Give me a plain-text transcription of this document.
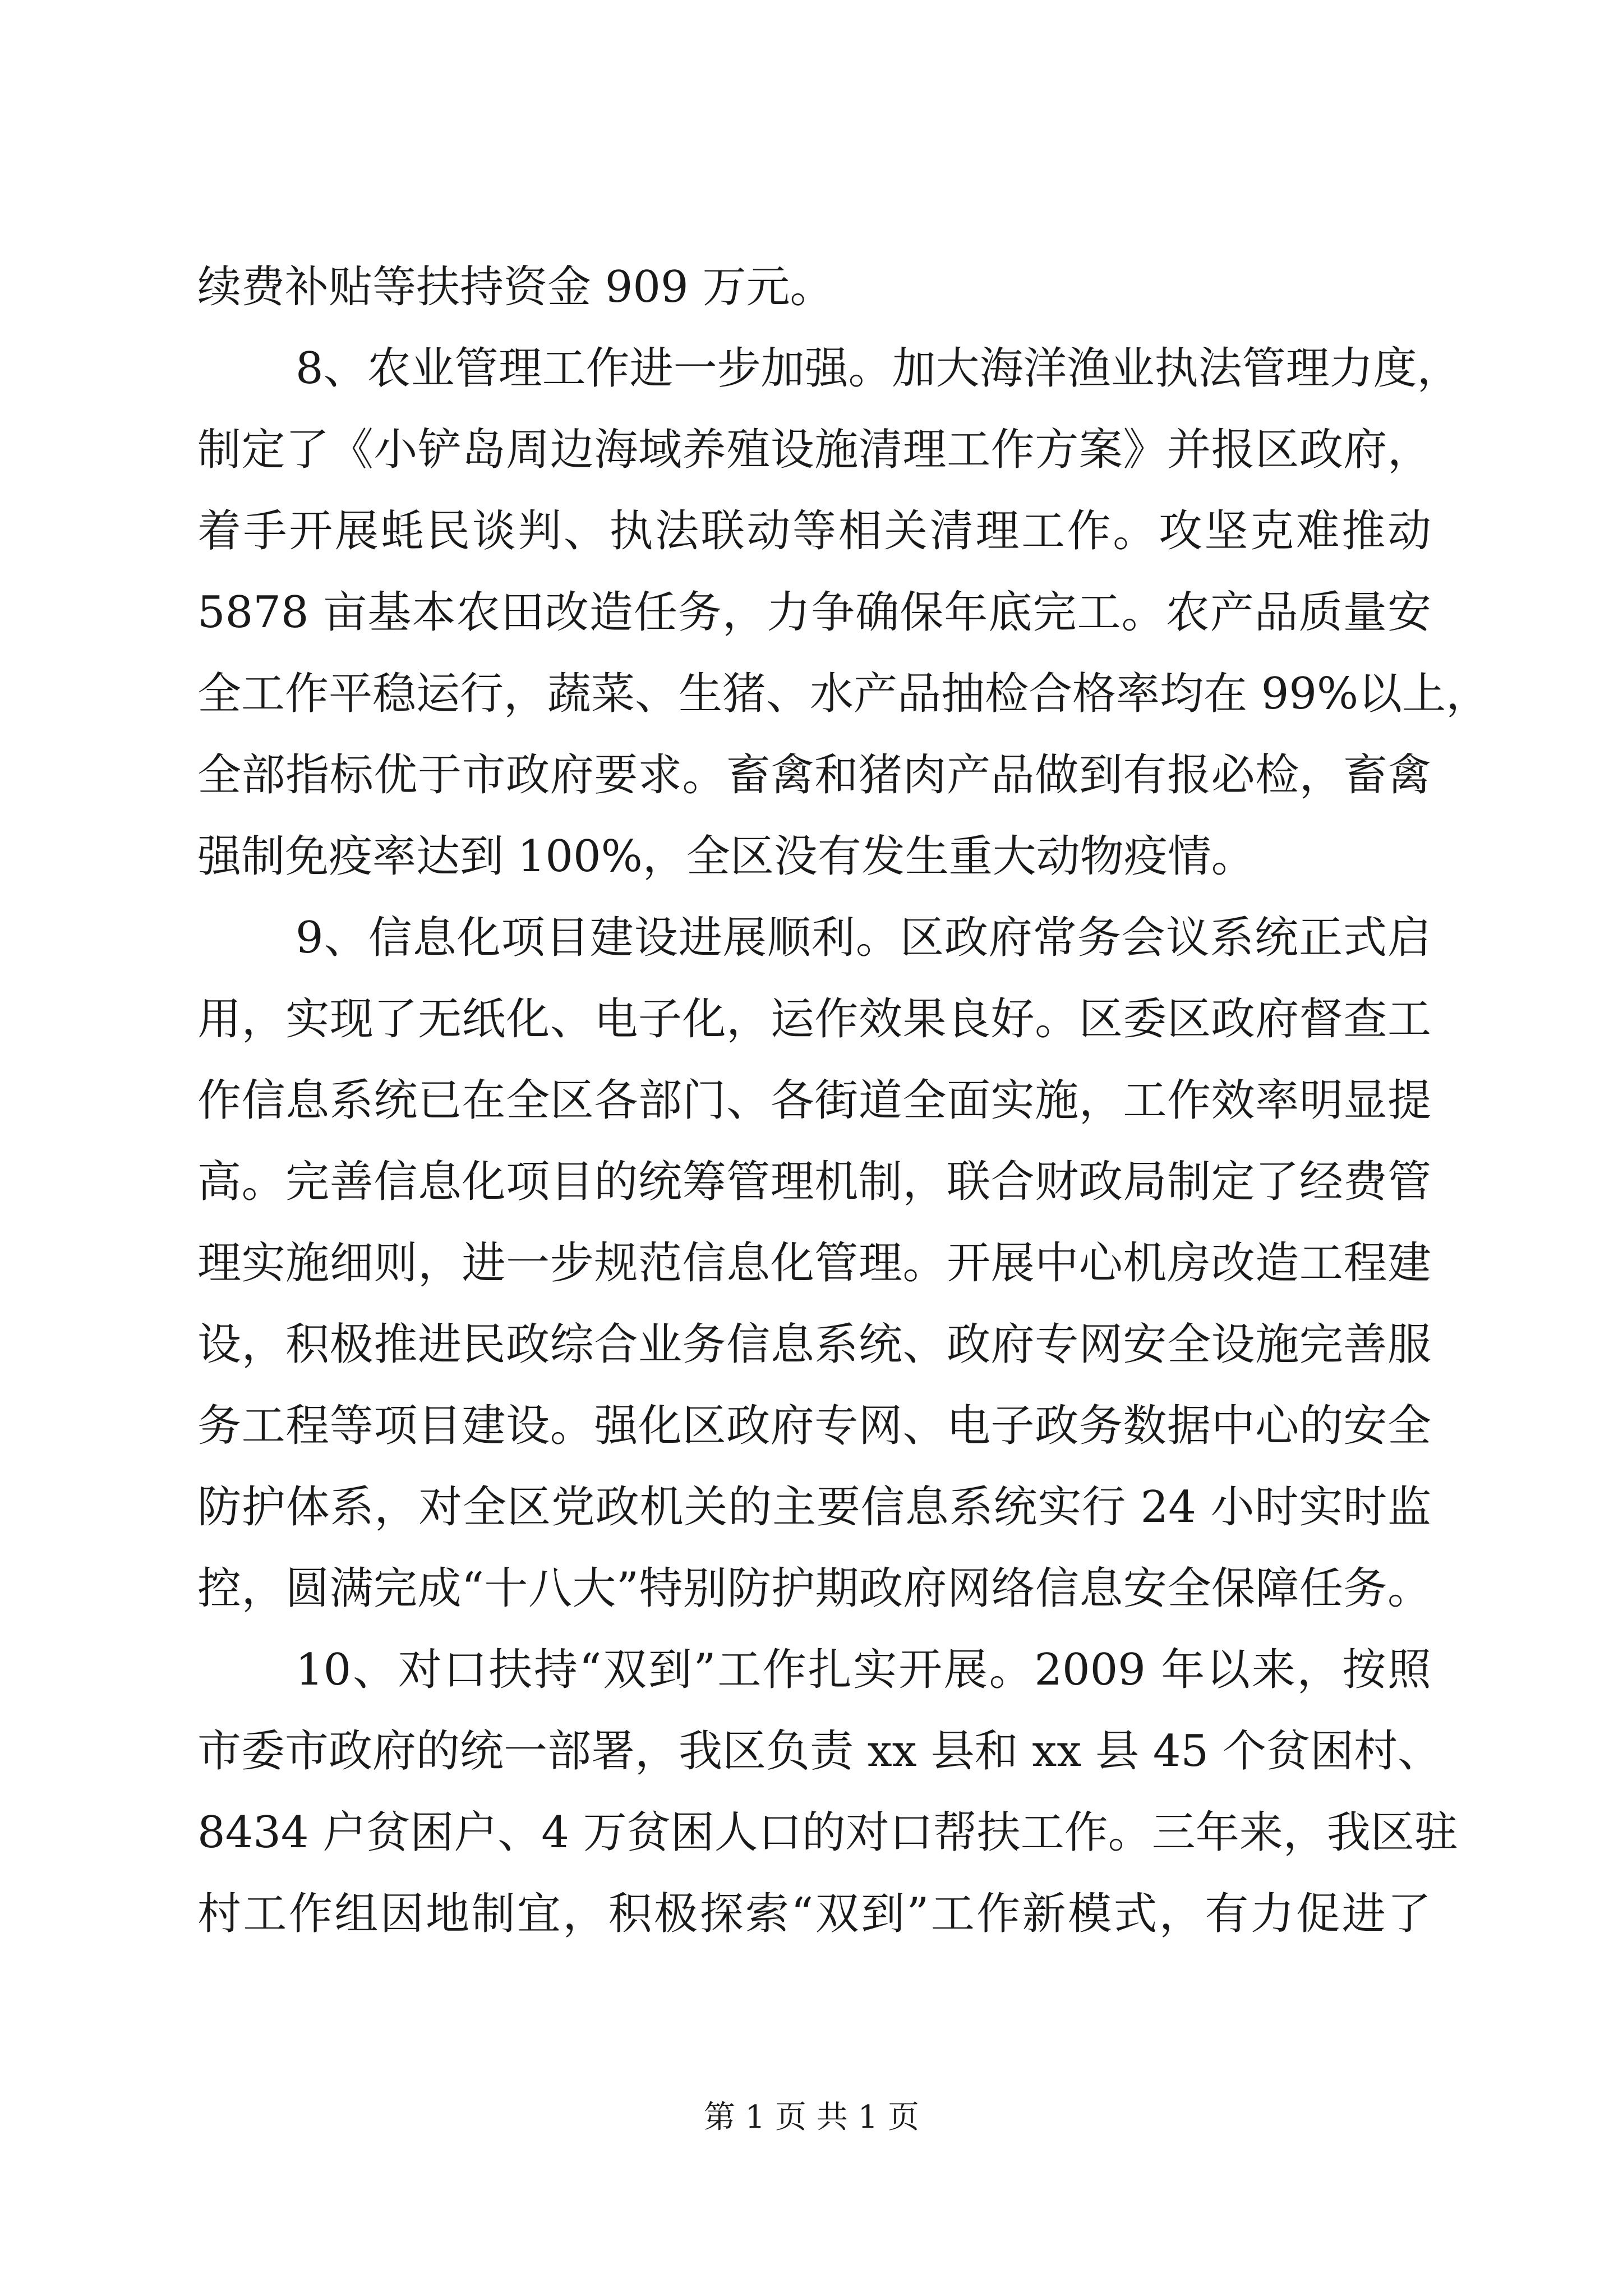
续费补贴等扶持资金 909 万元。
8、农业管理工作进一步加强。加大海洋渔业执法管理力度，
制定了《小铲岛周边海域养殖设施清理工作方案》并报区政府，
着手开展蚝民谈判、执法联动等相关清理工作。攻坚克难推动
5878 亩基本农田改造任务，力争确保年底完工。农产品质量安
全工作平稳运行，蔬菜、生猪、水产品抽检合格率均在 99%以上，
全部指标优于市政府要求。畜禽和猪肉产品做到有报必检，畜禽
强制免疫率达到 100%，全区没有发生重大动物疫情。
9、信息化项目建设进展顺利。区政府常务会议系统正式启
用，实现了无纸化、电子化，运作效果良好。区委区政府督查工
作信息系统已在全区各部门、各街道全面实施，工作效率明显提
高。完善信息化项目的统筹管理机制，联合财政局制定了经费管
理实施细则，进一步规范信息化管理。开展中心机房改造工程建
设，积极推进民政综合业务信息系统、政府专网安全设施完善服
务工程等项目建设。强化区政府专网、电子政务数据中心的安全
防护体系，对全区党政机关的主要信息系统实行 24 小时实时监
控，圆满完成“十八大”特别防护期政府网络信息安全保障任务。
10、对口扶持“双到”工作扎实开展。2009 年以来，按照
市委市政府的统一部署，我区负责 xx 县和 xx 县 45 个贫困村、
8434 户贫困户、4 万贫困人口的对口帮扶工作。三年来，我区驻
村工作组因地制宜，积极探索“双到”工作新模式，有力促进了
第 1 页 共 1 页
